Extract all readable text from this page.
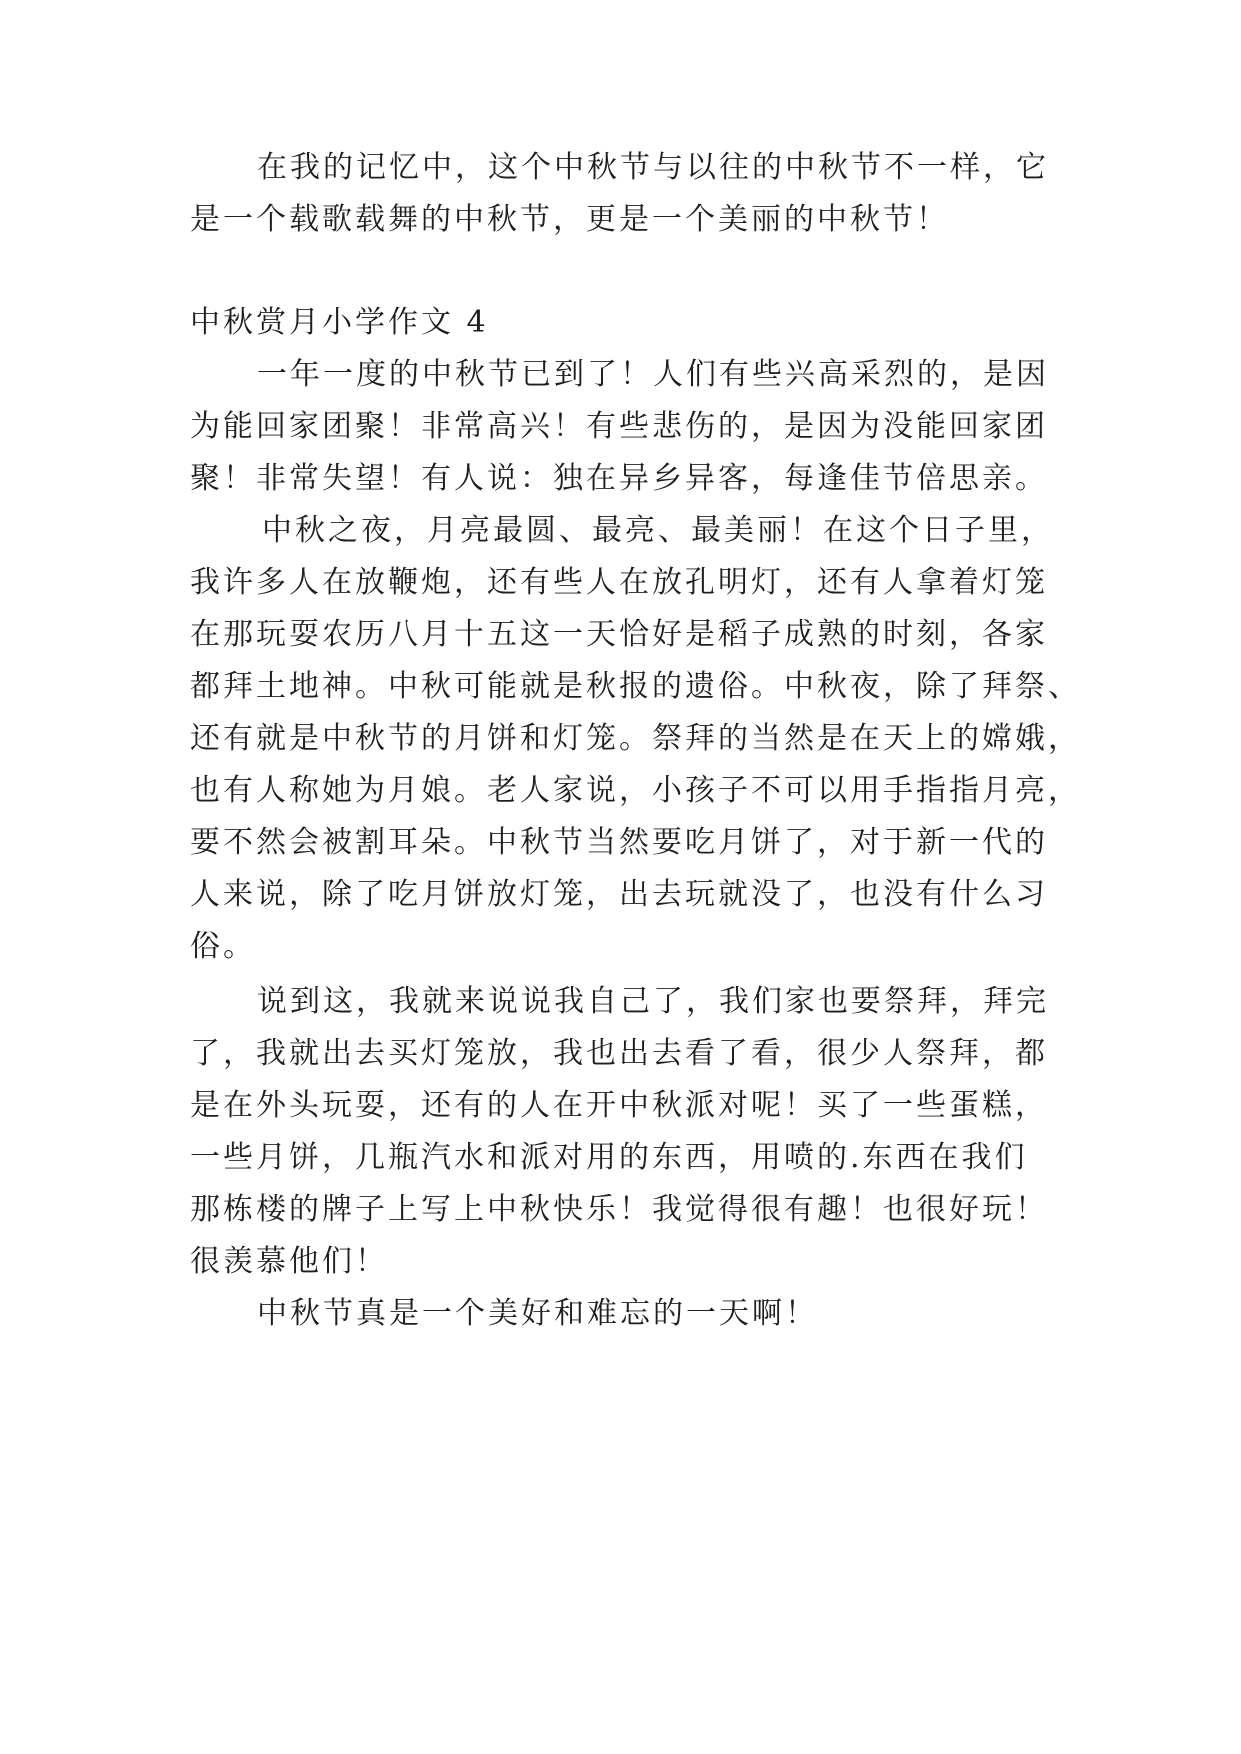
在我的记忆中，这个中秋节与以往的中秋节不一样，它
是一个载歌载舞的中秋节，更是一个美丽的中秋节！
中秋赏月小学作文 4
一年一度的中秋节已到了！人们有些兴高采烈的，是因
为能回家团聚！非常高兴！有些悲伤的，是因为没能回家团
聚！非常失望！有人说：独在异乡异客，每逢佳节倍思亲。
中秋之夜，月亮最圆、最亮、最美丽！在这个日子里，
我许多人在放鞭炮，还有些人在放孔明灯，还有人拿着灯笼
在那玩耍农历八月十五这一天恰好是稻子成熟的时刻，各家
都拜土地神。中秋可能就是秋报的遗俗。中秋夜，除了拜祭、
还有就是中秋节的月饼和灯笼。祭拜的当然是在天上的嫦娥，
也有人称她为月娘。老人家说，小孩子不可以用手指指月亮，
要不然会被割耳朵。中秋节当然要吃月饼了，对于新一代的
人来说，除了吃月饼放灯笼，出去玩就没了，也没有什么习
俗。
说到这，我就来说说我自己了，我们家也要祭拜，拜完
了，我就出去买灯笼放，我也出去看了看，很少人祭拜，都
是在外头玩耍，还有的人在开中秋派对呢！买了一些蛋糕，
一些月饼，几瓶汽水和派对用的东西，用喷的.东西在我们
那栋楼的牌子上写上中秋快乐！我觉得很有趣！也很好玩！
很羡慕他们！
中秋节真是一个美好和难忘的一天啊！
